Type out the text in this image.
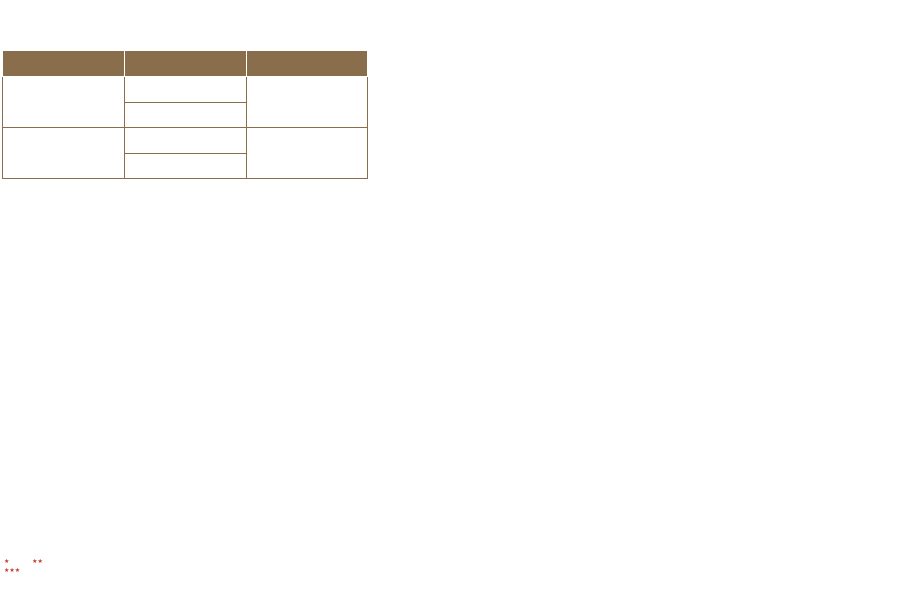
★	★★
★★★
